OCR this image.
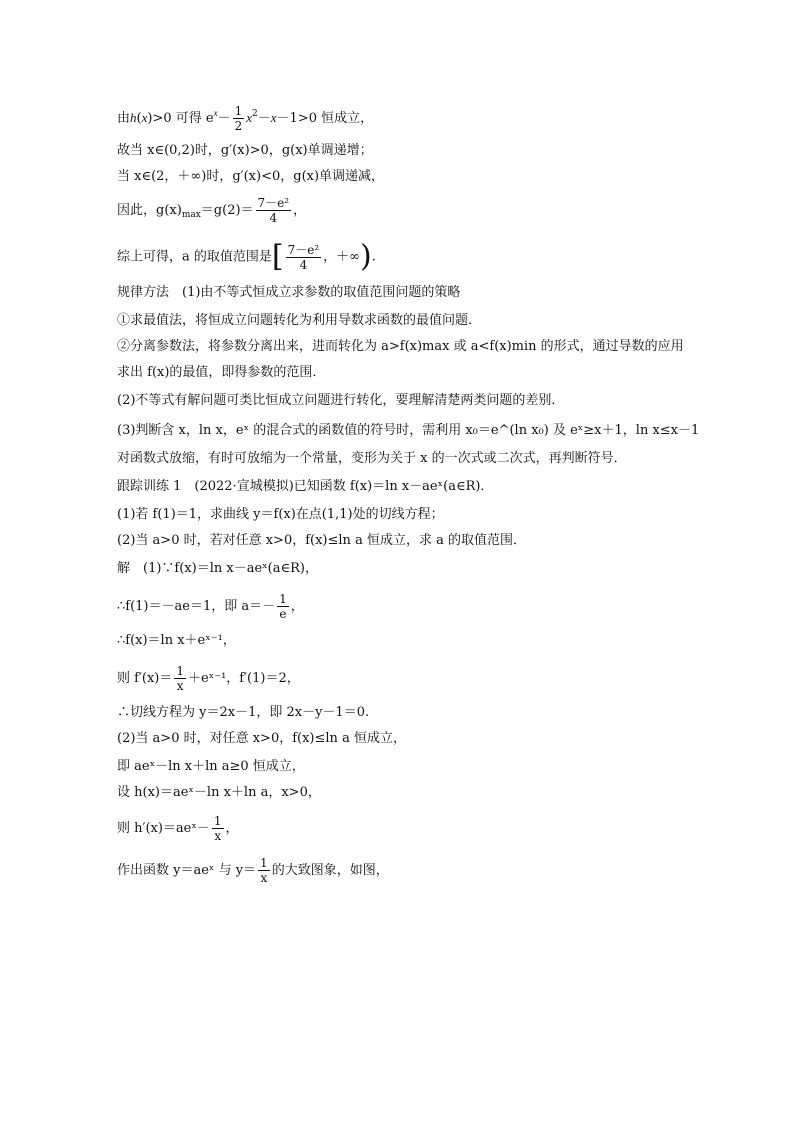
由h(x)>0 可得 $e^x- \frac{1}{2} x^2-x-1>0$ 恒成立，
故当 x∈(0,2)时，g′(x)>0，g(x)单调递增；
当 x∈(2，＋∞)时，g′(x)<0，g(x)单调递减，
因此，$g(x)_{max}=g(2)= \frac{\text{7－e²}}{4}$ ，
综上可得，a 的取值范围是[ $\frac{\text{7－e²}}{4}$ ，＋∞).
规律方法　(1)由不等式恒成立求参数的取值范围问题的策略
①求最值法，将恒成立问题转化为利用导数求函数的最值问题．
②分离参数法，将参数分离出来，进而转化为 a>f(x)max 或 a<f(x)min 的形式，通过导数的应用
求出 f(x)的最值，即得参数的范围．
(2)不等式有解问题可类比恒成立问题进行转化，要理解清楚两类问题的差别．
(3)判断含 x，ln x，eˣ 的混合式的函数值的符号时，需利用 x₀＝e^(ln x₀) 及 eˣ≥x＋1，ln x≤x－1
对函数式放缩，有时可放缩为一个常量，变形为关于 x 的一次式或二次式，再判断符号．
跟踪训练 1　(2022·宣城模拟)已知函数 f(x)＝ln x－aeˣ(a∈R)．
(1)若 f(1)＝1，求曲线 y＝f(x)在点(1,1)处的切线方程；
(2)当 a>0 时，若对任意 x>0，f(x)≤ln a 恒成立，求 a 的取值范围．
解　(1)∵f(x)＝ln x－aeˣ(a∈R)，
∴f(1)＝－ae＝1，即 $a=- \frac{1}{e}$ ，
∴f(x)＝ln x＋eˣ⁻¹，
则 $f'(x)= \frac{1}{x}$ ＋eˣ⁻¹，f′(1)＝2，
∴切线方程为 y＝2x－1，即 2x－y－1＝0.
(2)当 a>0 时，对任意 x>0，f(x)≤ln a 恒成立，
即 aeˣ－ln x＋ln a≥0 恒成立，
设 h(x)＝aeˣ－ln x＋ln a，x>0，
则 h′(x)＝aeˣ－ $\frac{1}{x}$ ，
作出函数 y＝aeˣ 与 $y= \frac{1}{x}$ 的大致图象，如图，
